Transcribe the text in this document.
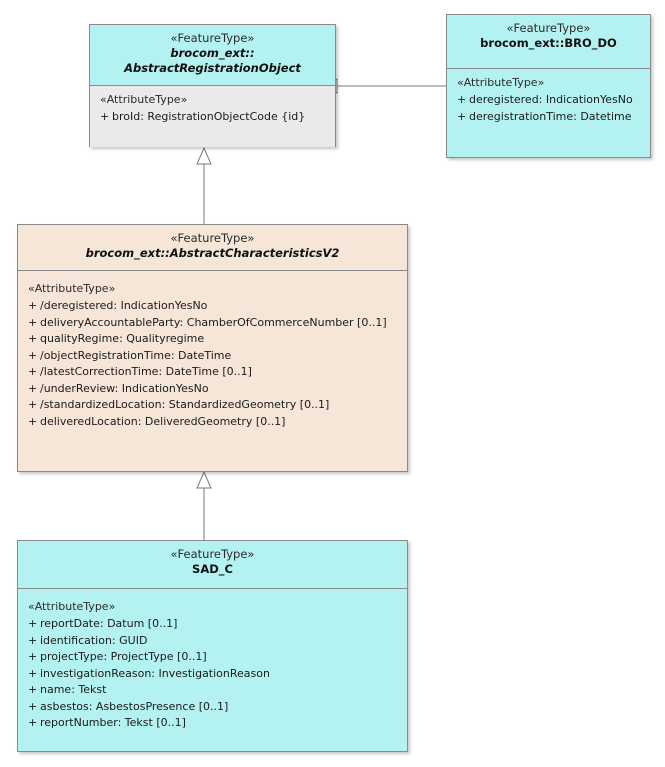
«FeatureType»
brocom_ext::
AbstractRegistrationObject
«AttributeType»
+ broId: RegistrationObjectCode {id}
«FeatureType»
brocom_ext::BRO_DO
«AttributeType»
+ deregistered: IndicationYesNo
+ deregistrationTime: Datetime
«FeatureType»
brocom_ext::AbstractCharacteristicsV2
«AttributeType»
+ /deregistered: IndicationYesNo
+ deliveryAccountableParty: ChamberOfCommerceNumber [0..1]
+ qualityRegime: Qualityregime
+ /objectRegistrationTime: DateTime
+ /latestCorrectionTime: DateTime [0..1]
+ /underReview: IndicationYesNo
+ /standardizedLocation: StandardizedGeometry [0..1]
+ deliveredLocation: DeliveredGeometry [0..1]
«FeatureType»
SAD_C
«AttributeType»
+ reportDate: Datum [0..1]
+ identification: GUID
+ projectType: ProjectType [0..1]
+ investigationReason: InvestigationReason
+ name: Tekst
+ asbestos: AsbestosPresence [0..1]
+ reportNumber: Tekst [0..1]
